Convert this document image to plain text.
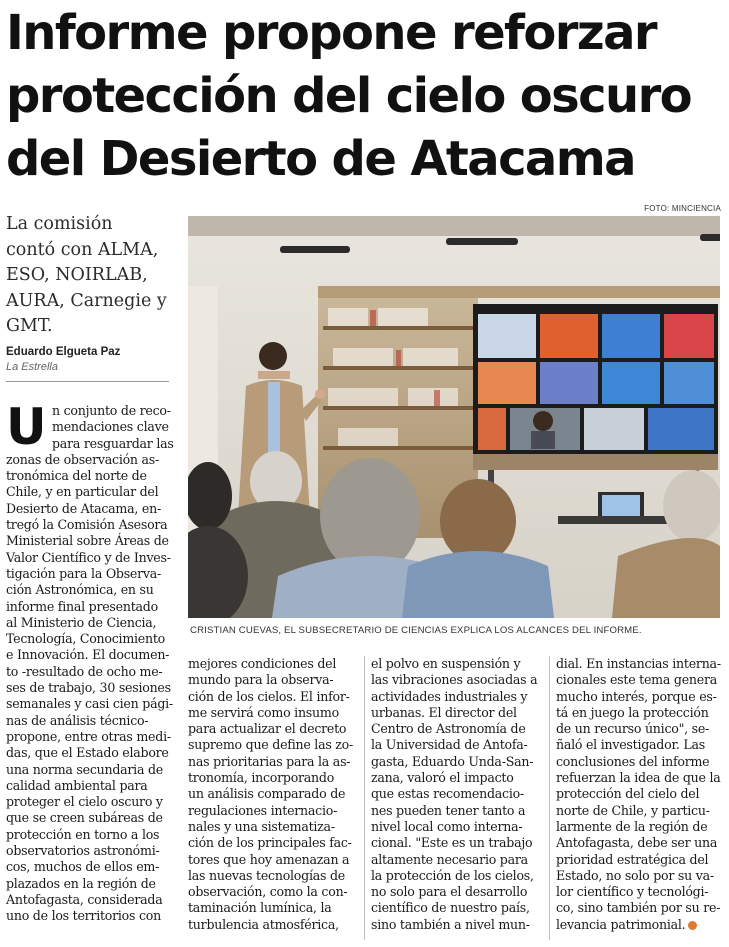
Informe propone reforzar
protección del cielo oscuro
del Desierto de Atacama
La comisión
contó con ALMA,
ESO, NOIRLAB,
AURA, Carnegie y
GMT.
Eduardo Elgueta Paz
La Estrella
FOTO: MINCIENCIA
CRISTIAN CUEVAS, EL SUBSECRETARIO DE CIENCIAS EXPLICA LOS ALCANCES DEL INFORME.
U n conjunto de reco-
mendaciones clave
para resguardar las
zonas de observación as-
tronómica del norte de
Chile, y en particular del
Desierto de Atacama, en-
tregó la Comisión Asesora
Ministerial sobre Áreas de
Valor Científico y de Inves-
tigación para la Observa-
ción Astronómica, en su
informe final presentado
al Ministerio de Ciencia,
Tecnología, Conocimiento
e Innovación. El documen-
to -resultado de ocho me-
ses de trabajo, 30 sesiones
semanales y casi cien pági-
nas de análisis técnico-
propone, entre otras medi-
das, que el Estado elabore
una norma secundaria de
calidad ambiental para
proteger el cielo oscuro y
que se creen subáreas de
protección en torno a los
observatorios astronómi-
cos, muchos de ellos em-
plazados en la región de
Antofagasta, considerada
uno de los territorios con
mejores condiciones del
mundo para la observa-
ción de los cielos. El infor-
me servirá como insumo
para actualizar el decreto
supremo que define las zo-
nas prioritarias para la as-
tronomía, incorporando
un análisis comparado de
regulaciones internacio-
nales y una sistematiza-
ción de los principales fac-
tores que hoy amenazan a
las nuevas tecnologías de
observación, como la con-
taminación lumínica, la
turbulencia atmosférica,
el polvo en suspensión y
las vibraciones asociadas a
actividades industriales y
urbanas. El director del
Centro de Astronomía de
la Universidad de Antofa-
gasta, Eduardo Unda-San-
zana, valoró el impacto
que estas recomendacio-
nes pueden tener tanto a
nivel local como interna-
cional. "Este es un trabajo
altamente necesario para
la protección de los cielos,
no solo para el desarrollo
científico de nuestro país,
sino también a nivel mun-
dial. En instancias interna-
cionales este tema genera
mucho interés, porque es-
tá en juego la protección
de un recurso único", se-
ñaló el investigador. Las
conclusiones del informe
refuerzan la idea de que la
protección del cielo del
norte de Chile, y particu-
larmente de la región de
Antofagasta, debe ser una
prioridad estratégica del
Estado, no solo por su va-
lor científico y tecnológi-
co, sino también por su re-
levancia patrimonial.
